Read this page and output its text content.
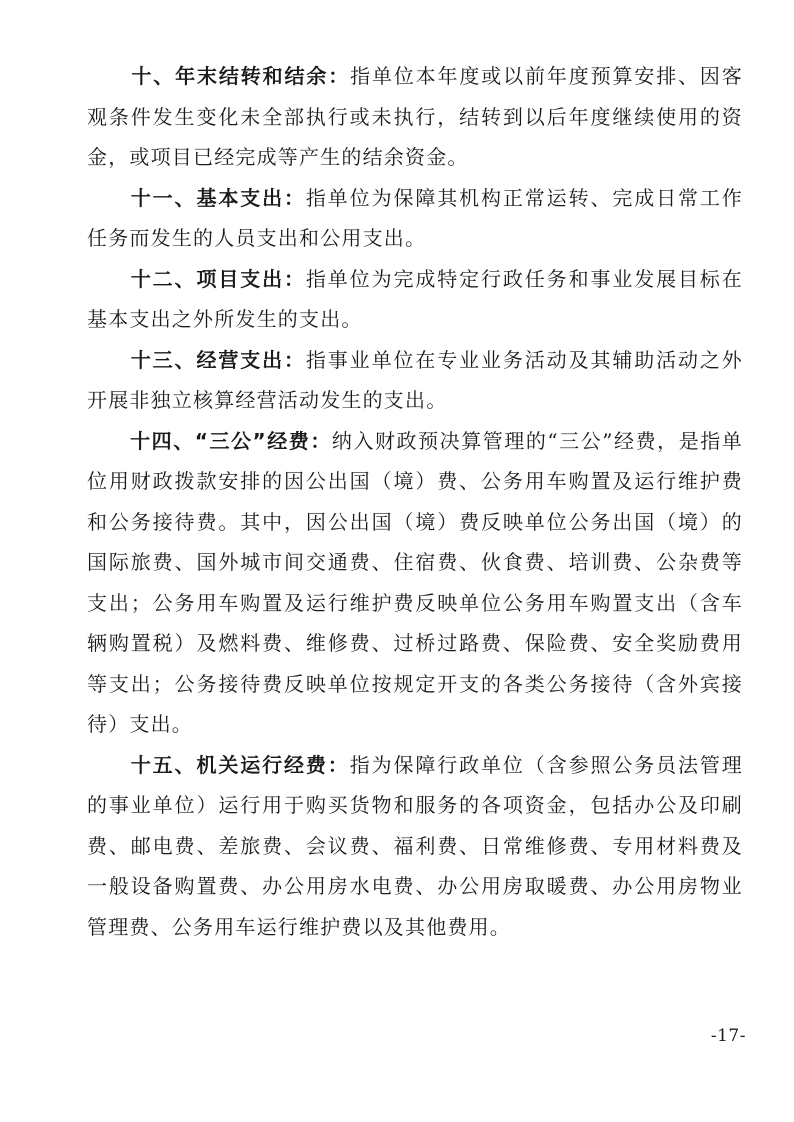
　　十、年末结转和结余：指单位本年度或以前年度预算安排、因客观条件发生变化未全部执行或未执行，结转到以后年度继续使用的资金，或项目已经完成等产生的结余资金。

　　十一、基本支出：指单位为保障其机构正常运转、完成日常工作任务而发生的人员支出和公用支出。

　　十二、项目支出：指单位为完成特定行政任务和事业发展目标在基本支出之外所发生的支出。

　　十三、经营支出：指事业单位在专业业务活动及其辅助活动之外开展非独立核算经营活动发生的支出。

　　十四、“三公”经费：纳入财政预决算管理的“三公”经费，是指单位用财政拨款安排的因公出国（境）费、公务用车购置及运行维护费和公务接待费。其中，因公出国（境）费反映单位公务出国（境）的国际旅费、国外城市间交通费、住宿费、伙食费、培训费、公杂费等支出；公务用车购置及运行维护费反映单位公务用车购置支出（含车辆购置税）及燃料费、维修费、过桥过路费、保险费、安全奖励费用等支出；公务接待费反映单位按规定开支的各类公务接待（含外宾接待）支出。

　　十五、机关运行经费：指为保障行政单位（含参照公务员法管理的事业单位）运行用于购买货物和服务的各项资金，包括办公及印刷费、邮电费、差旅费、会议费、福利费、日常维修费、专用材料费及一般设备购置费、办公用房水电费、办公用房取暖费、办公用房物业管理费、公务用车运行维护费以及其他费用。

-17-
